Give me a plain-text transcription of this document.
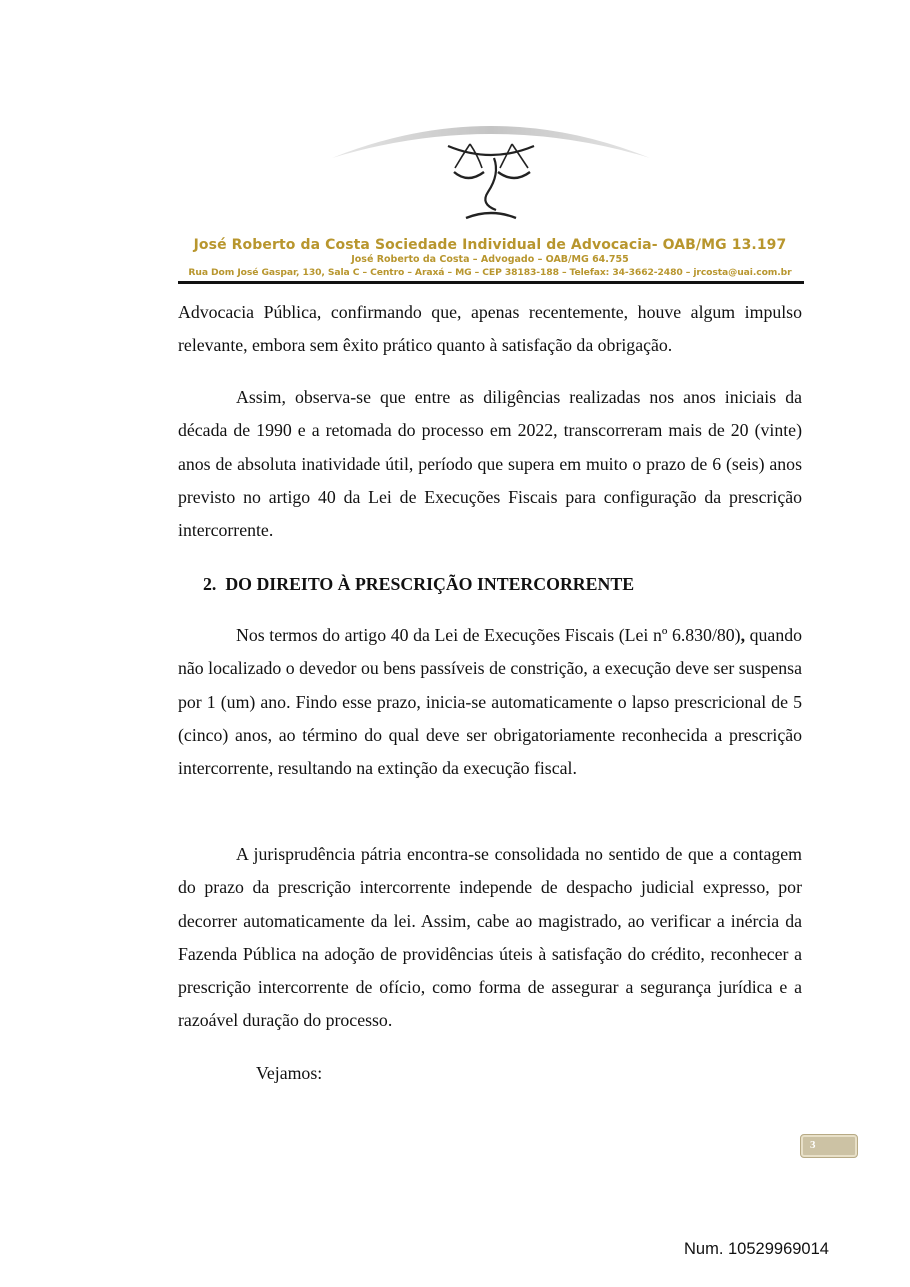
José Roberto da Costa Sociedade Individual de Advocacia- OAB/MG 13.197
José Roberto da Costa – Advogado – OAB/MG 64.755
Rua Dom José Gaspar, 130, Sala C – Centro – Araxá – MG – CEP 38183-188 – Telefax: 34-3662-2480 – jrcosta@uai.com.br

Advocacia Pública, confirmando que, apenas recentemente, houve algum impulso relevante, embora sem êxito prático quanto à satisfação da obrigação.

Assim, observa-se que entre as diligências realizadas nos anos iniciais da década de 1990 e a retomada do processo em 2022, transcorreram mais de 20 (vinte) anos de absoluta inatividade útil, período que supera em muito o prazo de 6 (seis) anos previsto no artigo 40 da Lei de Execuções Fiscais para configuração da prescrição intercorrente.

2. DO DIREITO À PRESCRIÇÃO INTERCORRENTE

Nos termos do artigo 40 da Lei de Execuções Fiscais (Lei nº 6.830/80), quando não localizado o devedor ou bens passíveis de constrição, a execução deve ser suspensa por 1 (um) ano. Findo esse prazo, inicia-se automaticamente o lapso prescricional de 5 (cinco) anos, ao término do qual deve ser obrigatoriamente reconhecida a prescrição intercorrente, resultando na extinção da execução fiscal.

A jurisprudência pátria encontra-se consolidada no sentido de que a contagem do prazo da prescrição intercorrente independe de despacho judicial expresso, por decorrer automaticamente da lei. Assim, cabe ao magistrado, ao verificar a inércia da Fazenda Pública na adoção de providências úteis à satisfação do crédito, reconhecer a prescrição intercorrente de ofício, como forma de assegurar a segurança jurídica e a razoável duração do processo.

Vejamos:
3
Num. 10529969014
